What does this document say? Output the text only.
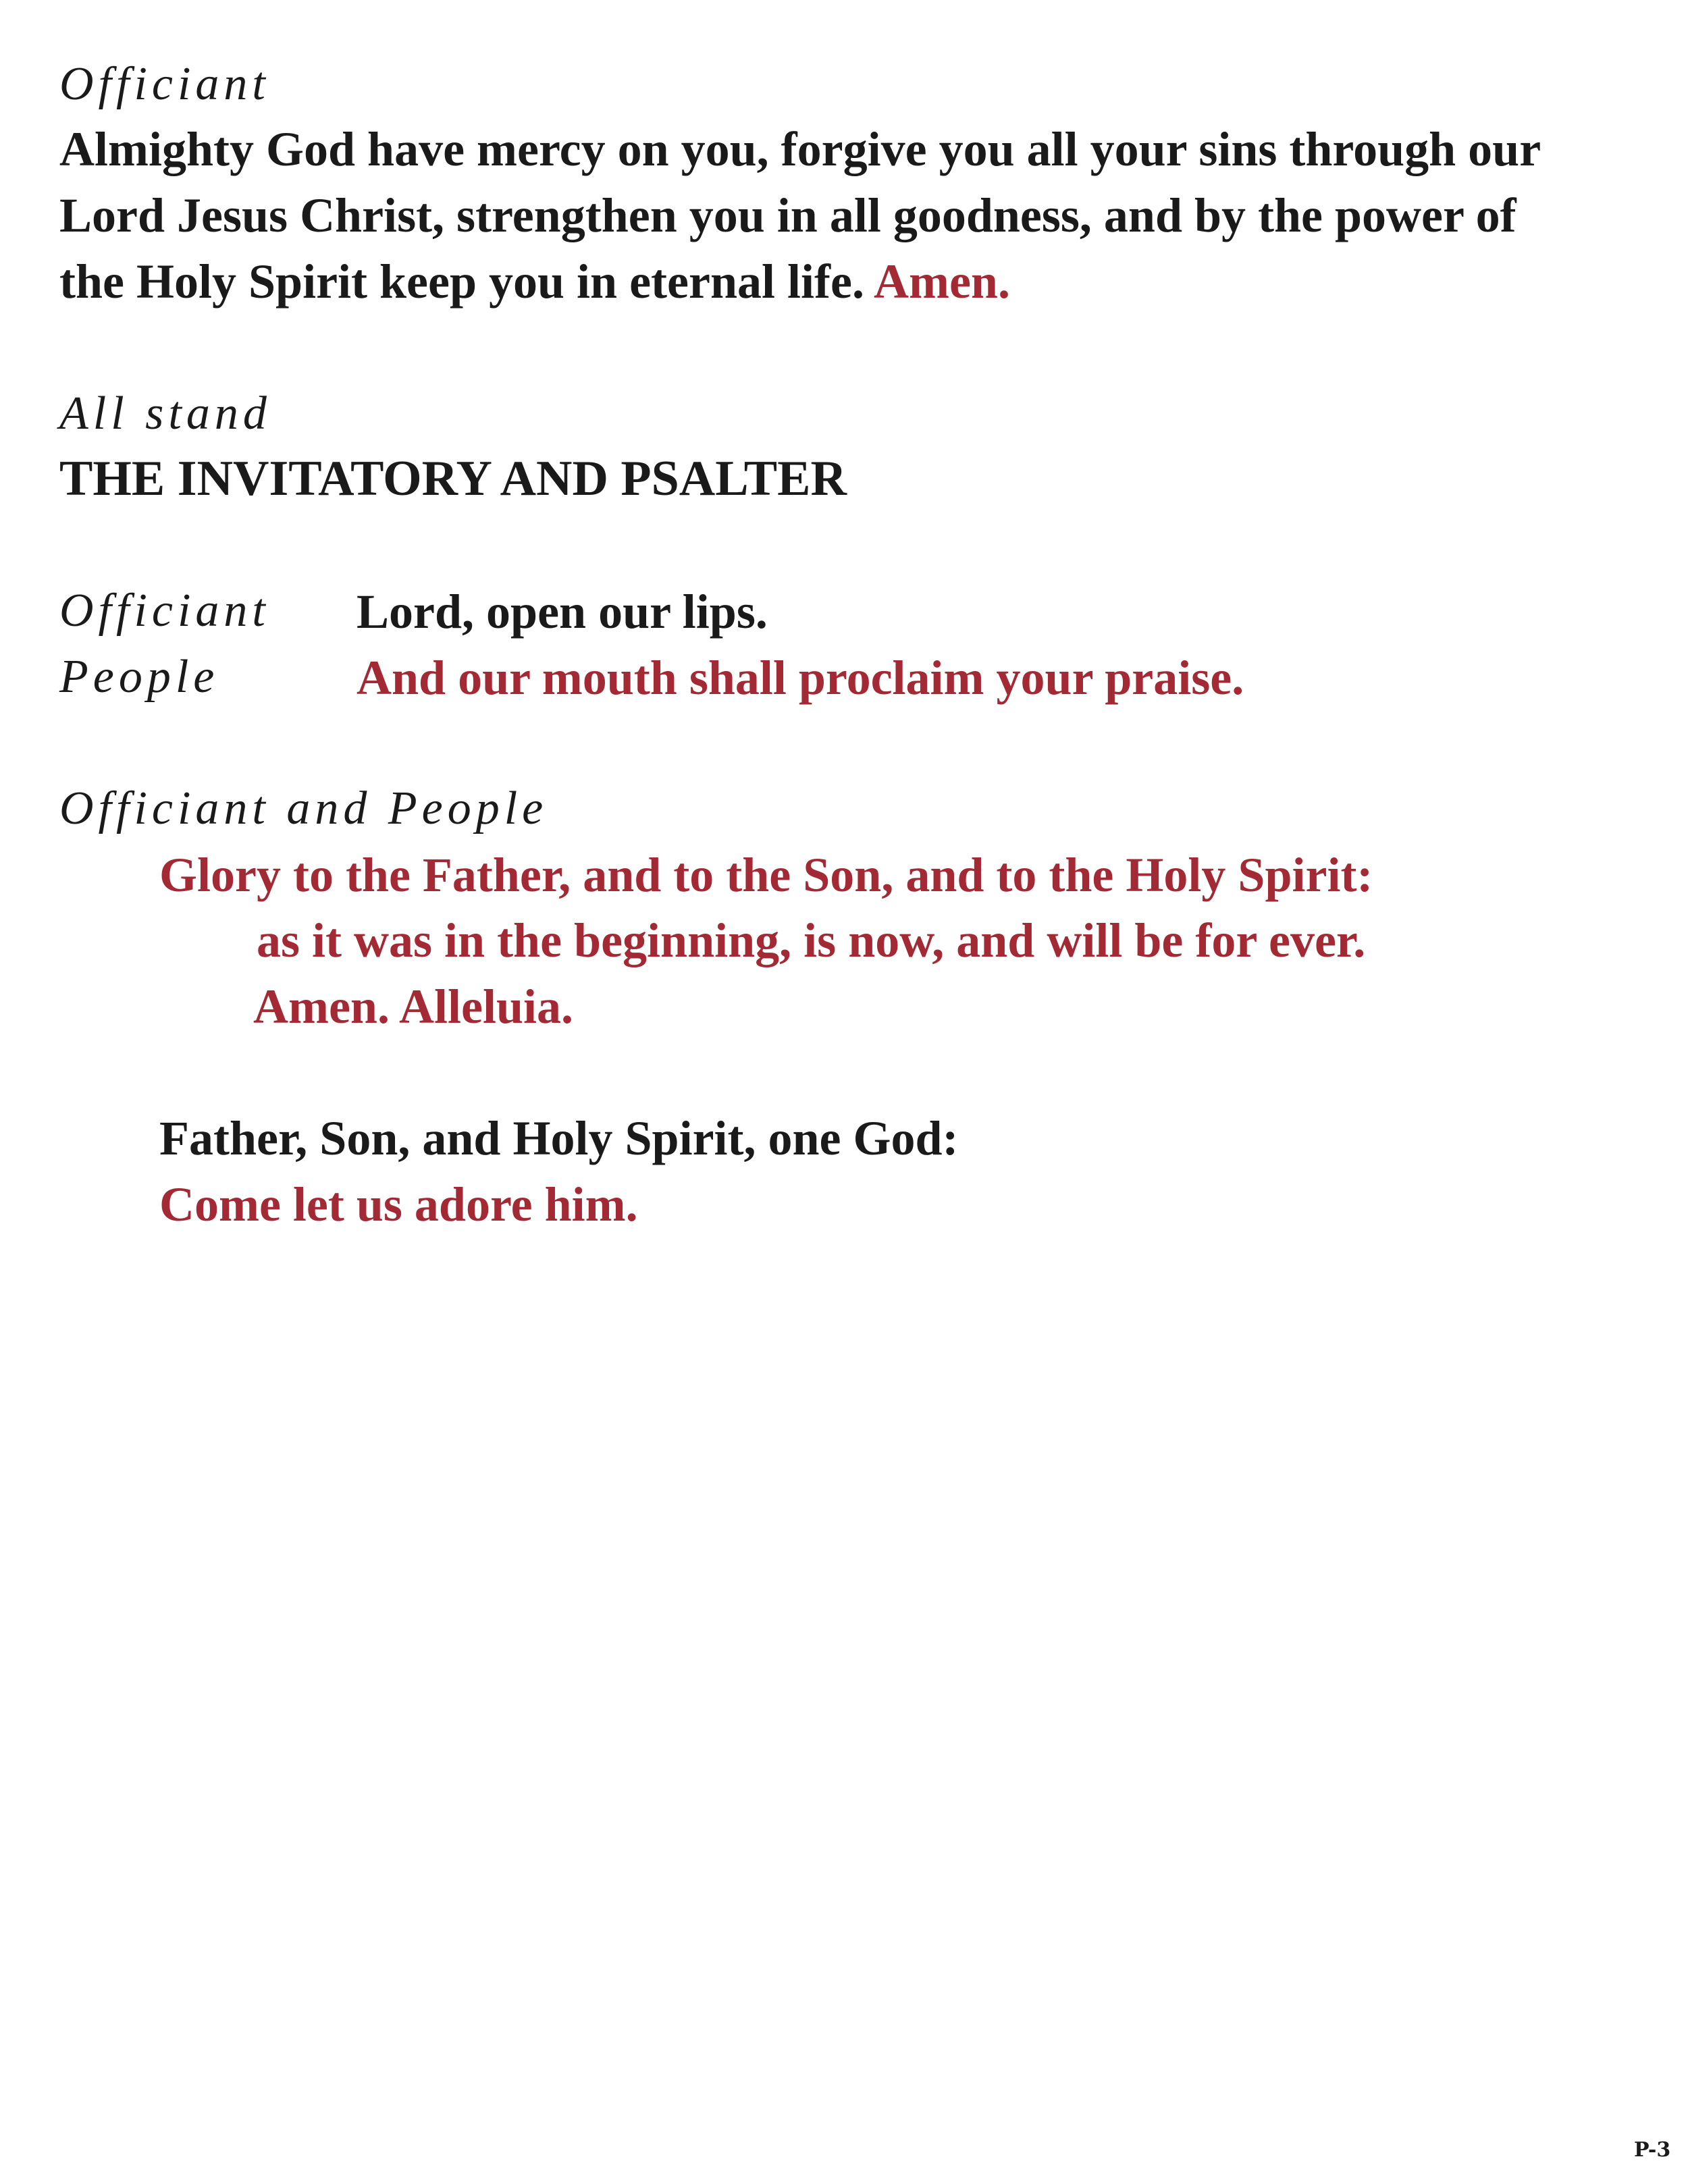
Officiant
Almighty God have mercy on you, forgive you all your sins through our
Lord Jesus Christ, strengthen you in all goodness, and by the power of
the Holy Spirit keep you in eternal life. Amen.
All stand
THE INVITATORY AND PSALTER
Officiant Lord, open our lips.
People	And our mouth shall proclaim your praise.
Officiant and People
Glory to the Father, and to the Son, and to the Holy Spirit:
as it was in the beginning, is now, and will be for ever.
Amen. Alleluia.
Father, Son, and Holy Spirit, one God:
Come let us adore him.
P-3
